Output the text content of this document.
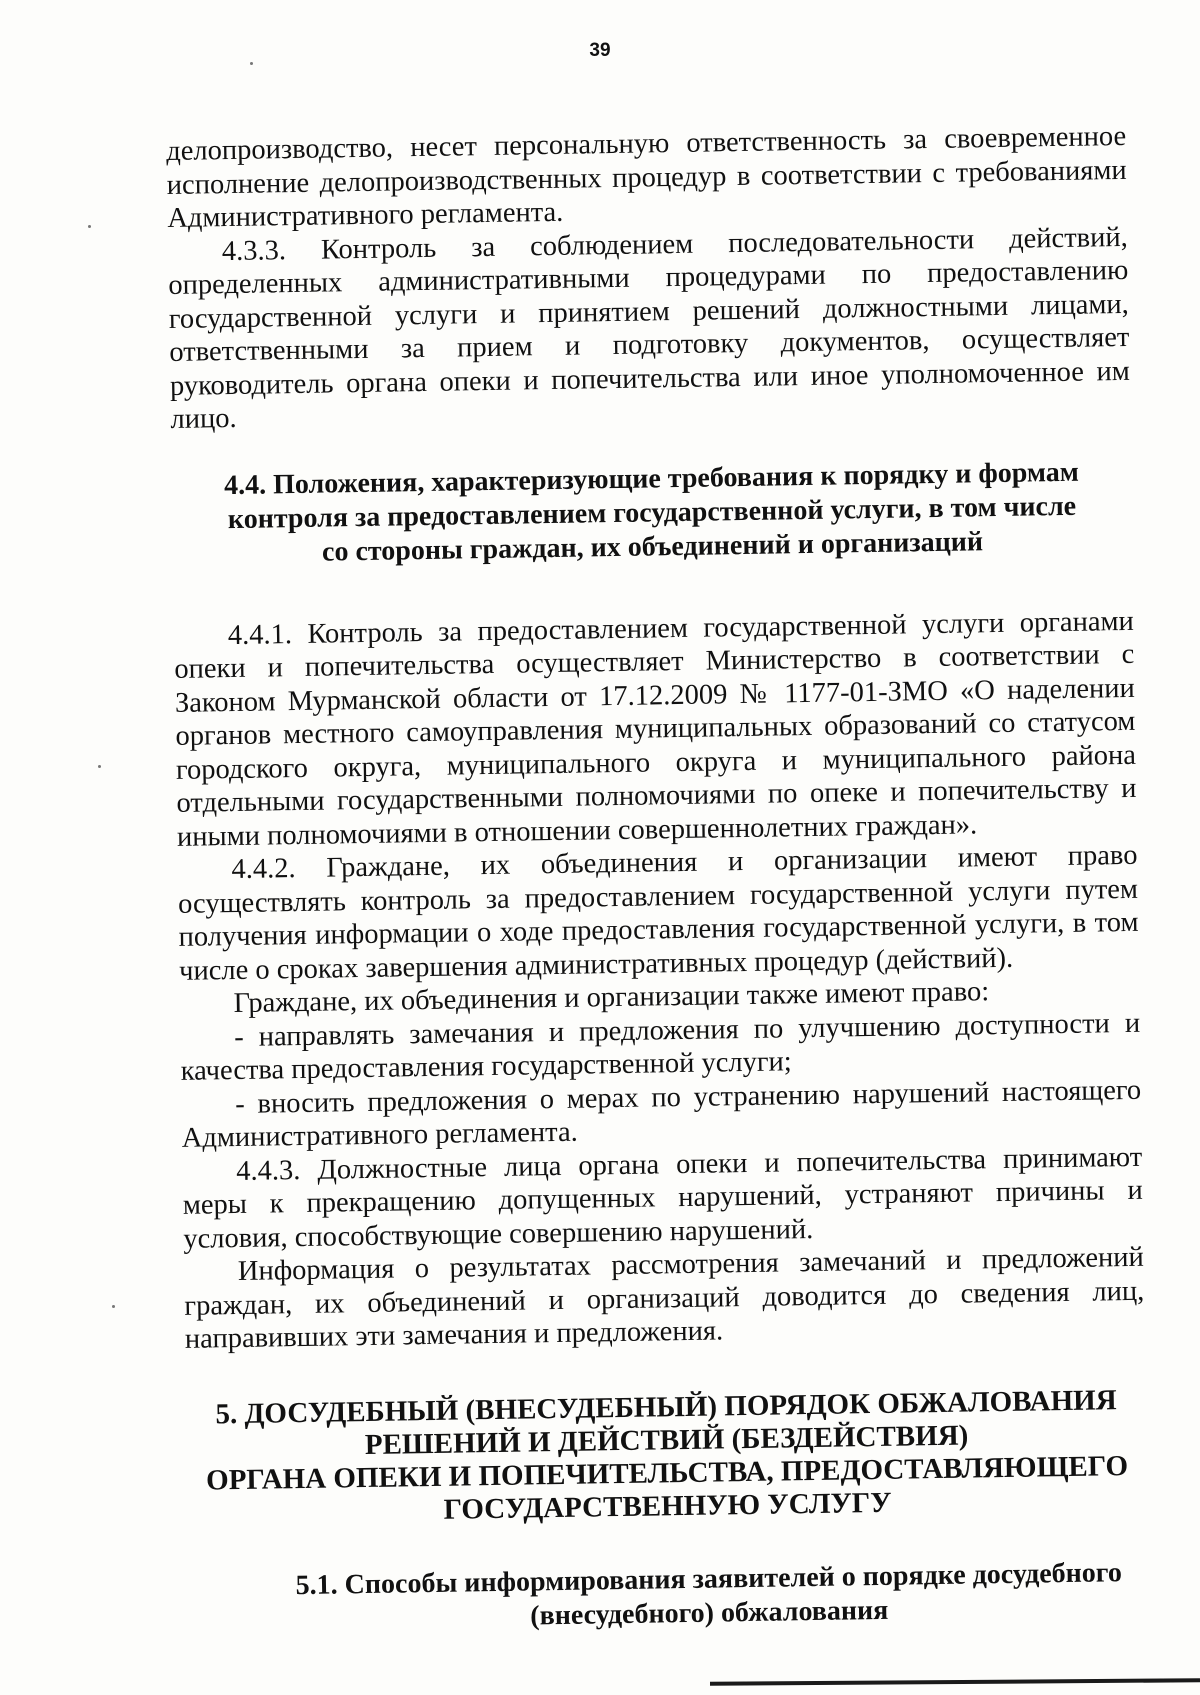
39

делопроизводство, несет персональную ответственность за своевременное исполнение делопроизводственных процедур в соответствии с требованиями Административного регламента.

4.3.3. Контроль за соблюдением последовательности действий, определенных административными процедурами по предоставлению государственной услуги и принятием решений должностными лицами, ответственными за прием и подготовку документов, осуществляет руководитель органа опеки и попечительства или иное уполномоченное им лицо.

4.4. Положения, характеризующие требования к порядку и формам
контроля за предоставлением государственной услуги, в том числе
со стороны граждан, их объединений и организаций

4.4.1. Контроль за предоставлением государственной услуги органами опеки и попечительства осуществляет Министерство в соответствии с Законом Мурманской области от 17.12.2009 № 1177-01-ЗМО «О наделении органов местного самоуправления муниципальных образований со статусом городского округа, муниципального округа и муниципального района отдельными государственными полномочиями по опеке и попечительству и иными полномочиями в отношении совершеннолетних граждан».

4.4.2. Граждане, их объединения и организации имеют право осуществлять контроль за предоставлением государственной услуги путем получения информации о ходе предоставления государственной услуги, в том числе о сроках завершения административных процедур (действий).

Граждане, их объединения и организации также имеют право:

- направлять замечания и предложения по улучшению доступности и качества предоставления государственной услуги;

- вносить предложения о мерах по устранению нарушений настоящего Административного регламента.

4.4.3. Должностные лица органа опеки и попечительства принимают меры к прекращению допущенных нарушений, устраняют причины и условия, способствующие совершению нарушений.

Информация о результатах рассмотрения замечаний и предложений граждан, их объединений и организаций доводится до сведения лиц, направивших эти замечания и предложения.

5. ДОСУДЕБНЫЙ (ВНЕСУДЕБНЫЙ) ПОРЯДОК ОБЖАЛОВАНИЯ
РЕШЕНИЙ И ДЕЙСТВИЙ (БЕЗДЕЙСТВИЯ)
ОРГАНА ОПЕКИ И ПОПЕЧИТЕЛЬСТВА, ПРЕДОСТАВЛЯЮЩЕГО
ГОСУДАРСТВЕННУЮ УСЛУГУ
5.1. Способы информирования заявителей о порядке досудебного
(внесудебного) обжалования
